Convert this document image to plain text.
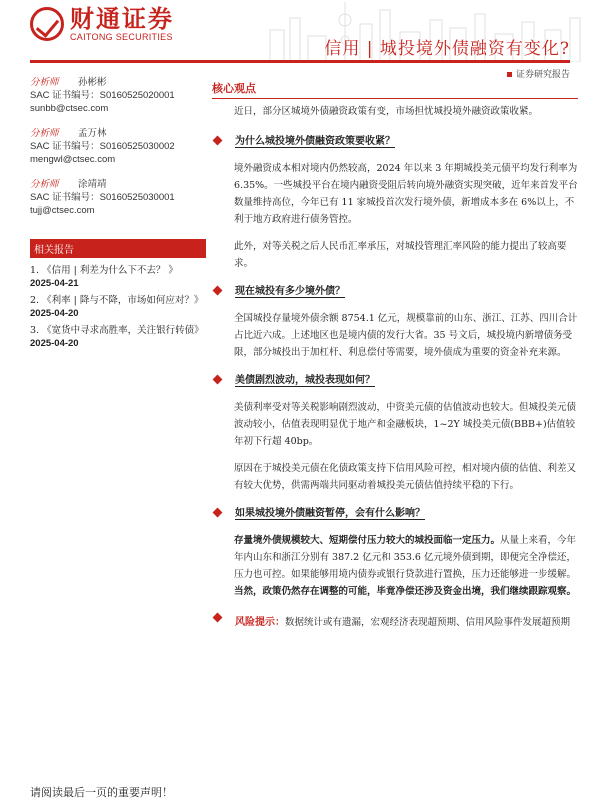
财通证券
CAITONG SECURITIES
信用 | 城投境外债融资有变化?
证券研究报告
分析师	孙彬彬
SAC 证书编号：S0160525020001
sunbb@ctsec.com
分析师	孟万林
SAC 证书编号：S0160525030002
mengwl@ctsec.com
分析师	涂靖靖
SAC 证书编号：S0160525030001
tujj@ctsec.com
相关报告
1. 《信用 | 利差为什么下不去？ 》
2025-04-21
2. 《利率 | 降与不降，市场如何应对？》
2025-04-20
3. 《宽货中寻求高胜率，关注银行转债》
2025-04-20
核心观点

近日，部分区城境外债融资政策有变，市场担忧城投境外融资政策收紧。

为什么城投境外债融资政策要收紧？

境外融资成本相对境内仍然较高，2024 年以来 3 年期城投美元债平均发行利率为 6.35%。一些城投平台在境内融资受阻后转向境外融资实现突破，近年来首发平台数量维持高位，今年已有 11 家城投首次发行境外债，新增成本多在 6%以上，不利于地方政府进行债务管控。

此外，对等关税之后人民币汇率承压，对城投管理汇率风险的能力提出了较高要求。

现在城投有多少境外债？

全国城投存量境外债余额 8754.1 亿元，规模靠前的山东、浙江、江苏、四川合计占比近六成。上述地区也是境内债的发行大省。35 号文后，城投境内新增债务受限，部分城投出于加杠杆、利息偿付等需要，境外债成为重要的资金补充来源。

美债剧烈波动，城投表现如何？

美债利率受对等关税影响剧烈波动，中资美元债的估值波动也较大。但城投美元债波动较小，估值表现明显优于地产和金融板块，1~2Y 城投美元债(BBB+)估值较年初下行超 40bp。

原因在于城投美元债在化债政策支持下信用风险可控，相对境内债的估值、利差又有较大优势，供需两端共同驱动着城投美元债估值持续平稳的下行。

如果城投境外债融资暂停，会有什么影响？

存量境外债规模较大、短期偿付压力较大的城投面临一定压力。从量上来看，今年年内山东和浙江分别有 387.2 亿元和 353.6 亿元境外债到期，即便完全净偿还，压力也可控。如果能够用境内债券或银行贷款进行置换，压力还能够进一步缓解。当然，政策仍然存在调整的可能，毕竟净偿还涉及资金出境，我们继续跟踪观察。

风险提示：数据统计或有遗漏，宏观经济表现超预期、信用风险事件发展超预期
请阅读最后一页的重要声明！
